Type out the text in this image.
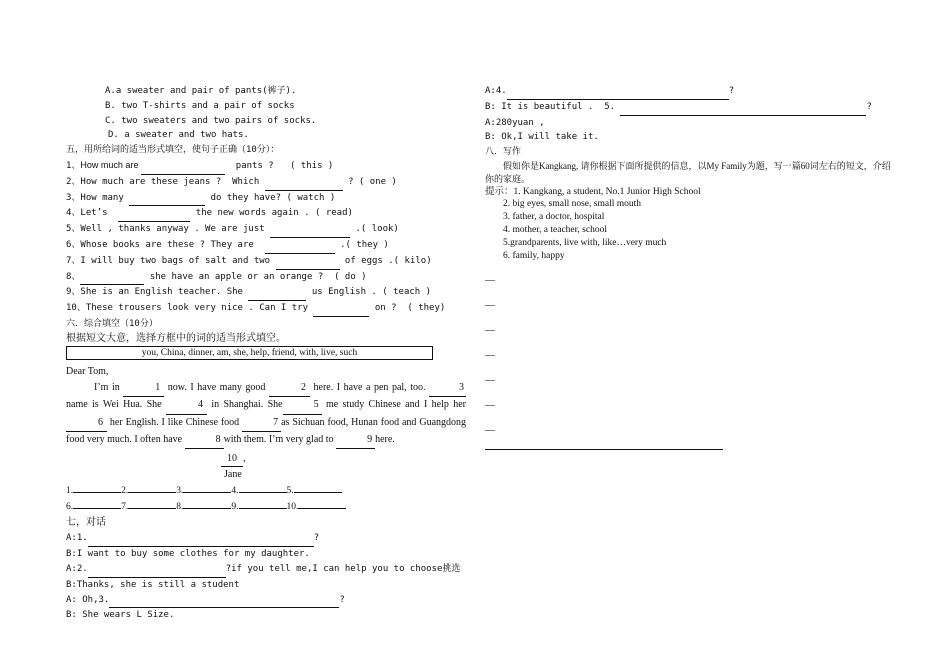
A.a sweater and pair of pants(裤子).
B. two T-shirts and a pair of socks
C. two sweaters and two pairs of socks.
D. a sweater and two hats.
五，用所给词的适当形式填空，使句子正确（10分）：
1、How much are	pants ?   ( this )
2、How much are these jeans ?  Which	? ( one )
3、How many	do they have? ( watch )
4、Let’s	the new words again . ( read)
5、Well , thanks anyway . We are just	.( look)
6、Whose books are these ? They are	.( they )
7、I will buy two bags of salt and two	of eggs .( kilo)
8、	she have an apple or an orange ?  ( do )
9、She is an English teacher. She	us English . ( teach )
10、These trousers look very nice . Can I try	on ?  ( they)
六．综合填空（10分）
根据短文大意，选择方框中的词的适当形式填空。
you, China, dinner, am, she, help, friend, with, live, such
Dear Tom,
I’m in	1 now. I have many good	2 here. I have a pen pal, too.	3name is Wei Hua. She	4 in Shanghai. She	5 me study Chinese and I help her 6 her English. I like Chinese food	7 as Sichuan food, Hunan food and Guangdong food very much. I often have	8 with them. I’m very glad to	9 here.
10 ,
Jane
1.	2.	3.	4.	5.
6.	7.	8.	9.	10.
七，对话
A:1.	?
B:I want to buy some clothes for my daughter.
A:2.	?if you tell me,I can help you to choose挑选
B:Thanks, she is still a student
A: Oh,3.	?
B: She wears L Size.
A:4.	?
B: It is beautiful .  5.	?
A:280yuan ,
B: Ok,I will take it.
八．写作
假如你是Kangkang, 请你根据下面所提供的信息，以My Family为题，写一篇60词左右的短文，介绍你的家庭。
提示：1. Kangkang, a student, No.1 Junior High School
2. big eyes, small nose, small mouth
3. father, a doctor, hospital
4. mother, a teacher, school
5.grandparents, live with, like…very much
6. family, happy
—
—
—
—
—
—
—
